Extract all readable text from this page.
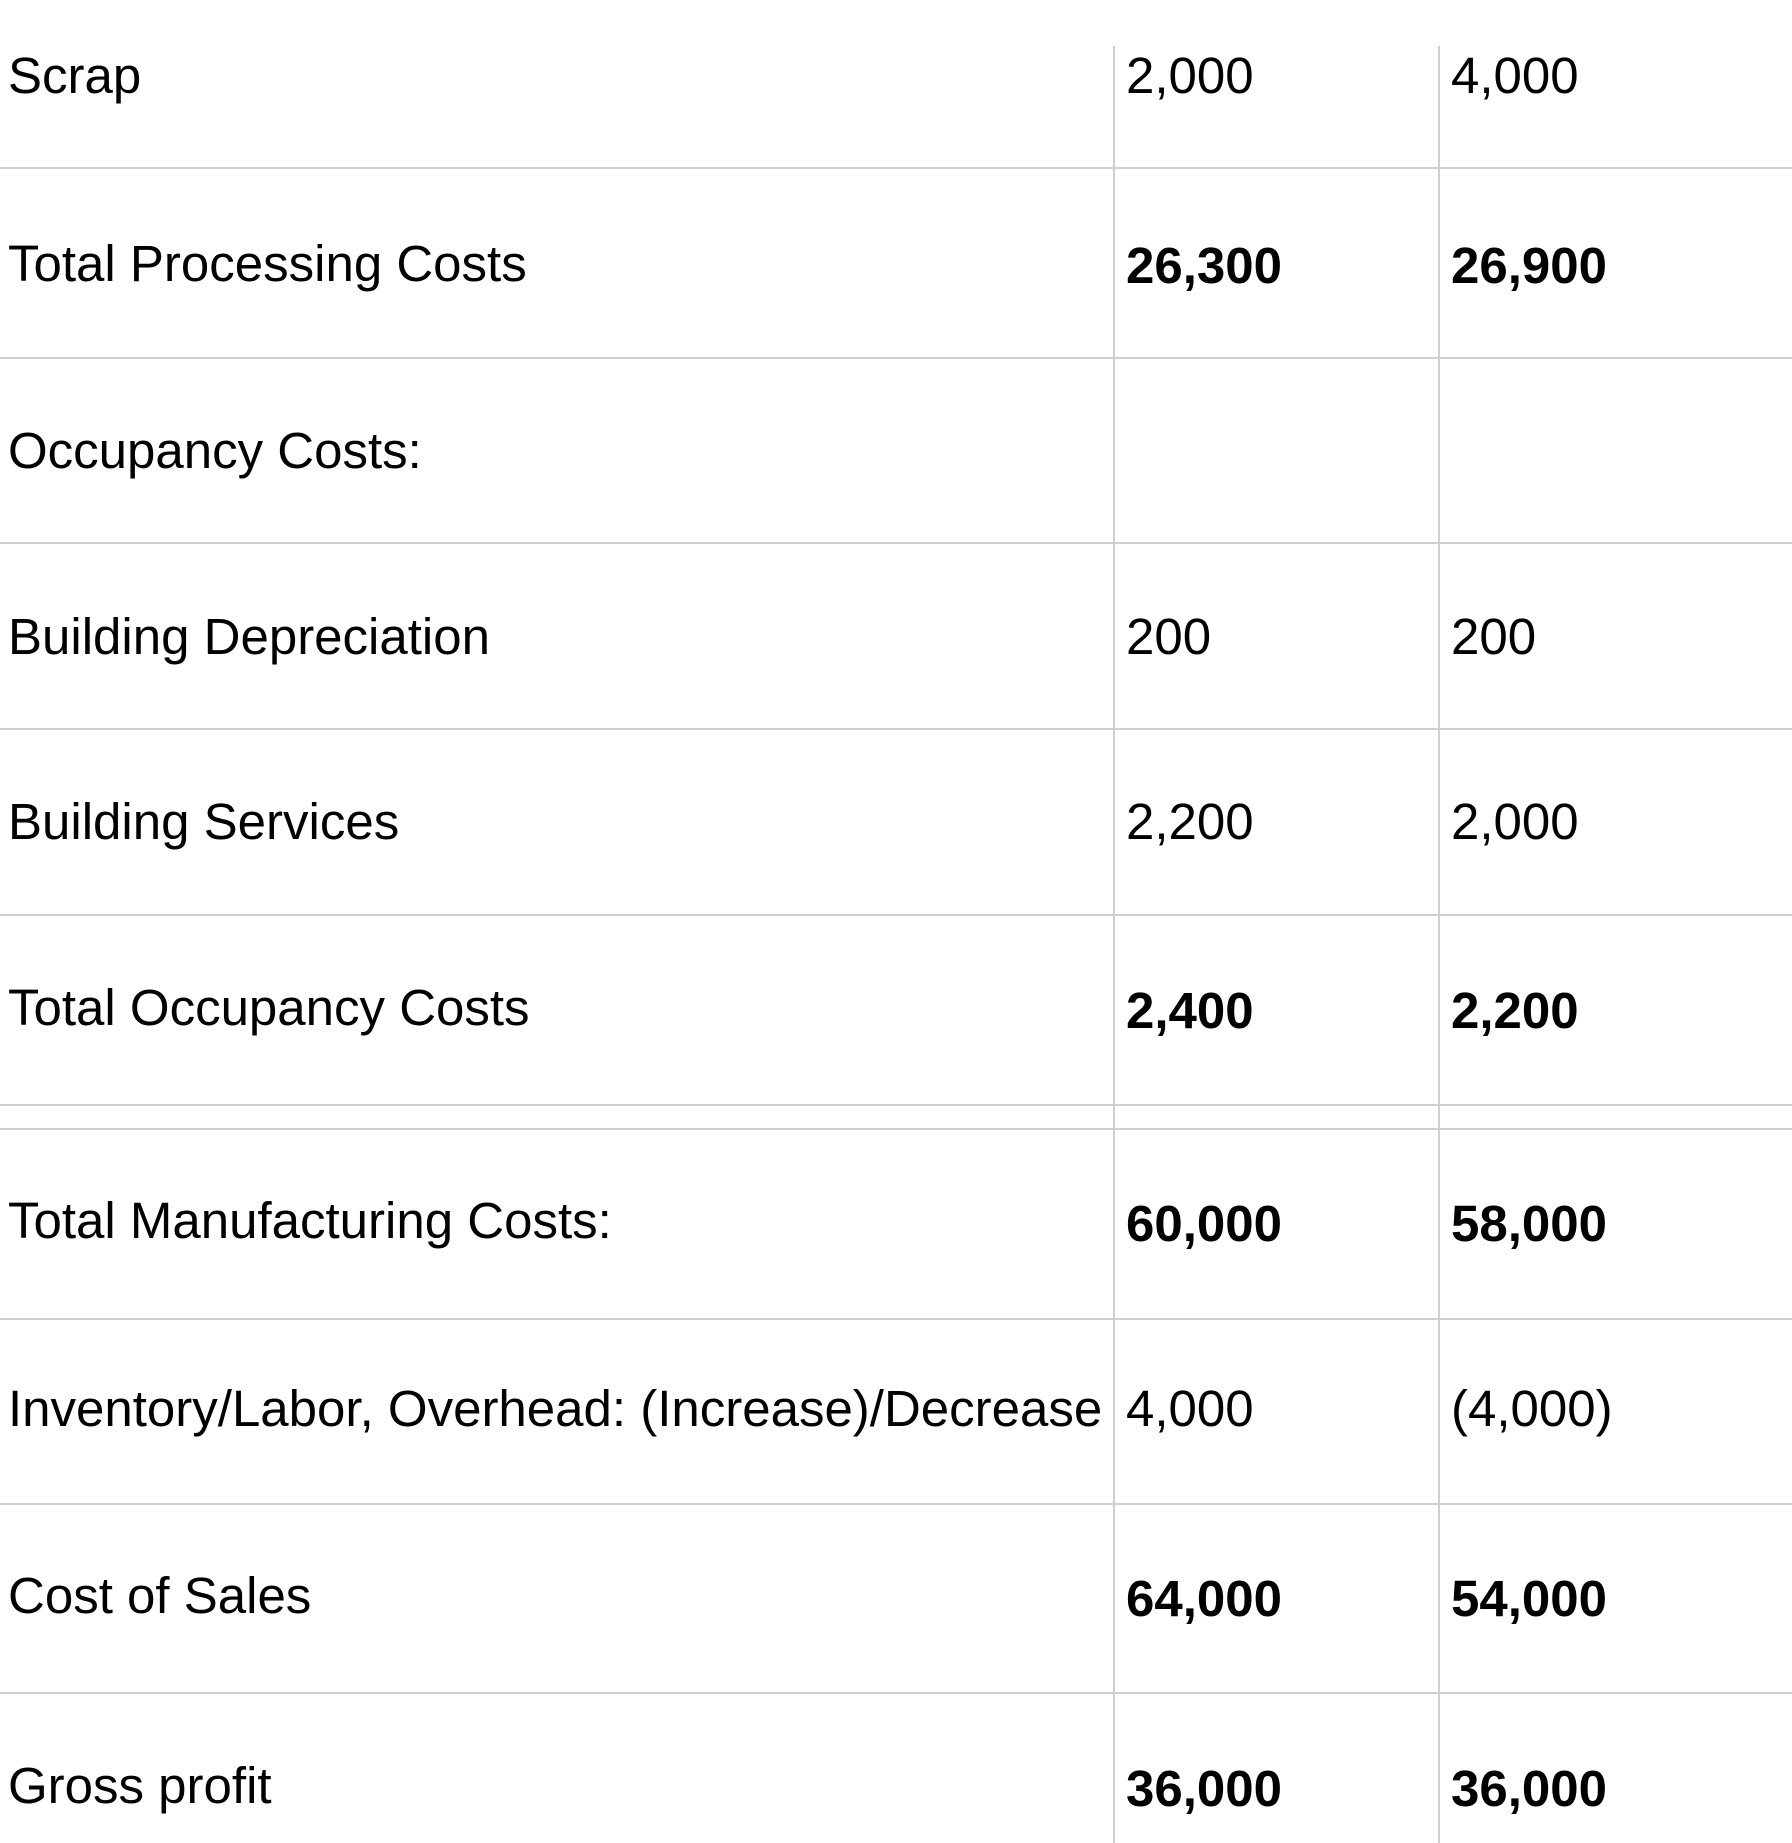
Scrap	2,000	4,000
Total Processing Costs	26,300	26,900
Occupancy Costs:
Building Depreciation	200	200
Building Services	2,200	2,000
Total Occupancy Costs	2,400	2,200
Total Manufacturing Costs:	60,000	58,000
Inventory/Labor, Overhead: (Increase)/Decrease 4,000	(4,000)
Cost of Sales	64,000	54,000
Gross profit	36,000	36,000
